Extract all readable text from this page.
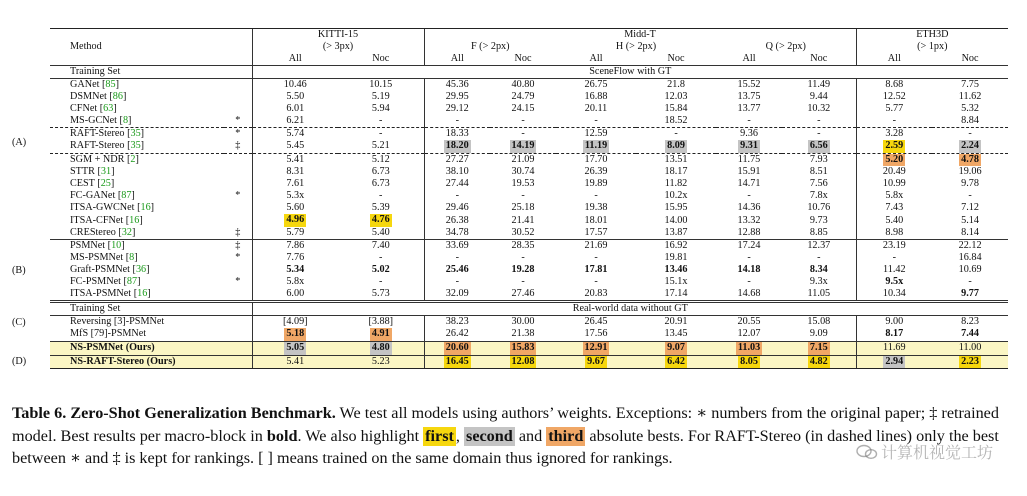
		KITTI-15		Midd-T						ETH3D	
Method		(> 3px)		F (> 2px)		H (> 2px)		Q (> 2px)		(> 1px)	
		All	Noc	All	Noc	All	Noc	All	Noc	All	Noc
Training Set		SceneFlow with GT									

(A)
GANet [85]		10.46	10.15	45.36	40.80	26.75	21.8	15.52	11.49	8.68	7.75
DSMNet [86]		5.50	5.19	29.95	24.79	16.88	12.03	13.75	9.44	12.52	11.62
CFNet [63]		6.01	5.94	29.12	24.15	20.11	15.84	13.77	10.32	5.77	5.32
MS-GCNet [8]	*	6.21	-	-	-	-	18.52	-	-	-	8.84
RAFT-Stereo [35]	*	5.74	-	18.33	-	12.59	-	9.36	-	3.28	-
RAFT-Stereo [35]	‡	5.45	5.21	18.20	14.19	11.19	8.09	9.31	6.56	2.59	2.24
SGM + NDR [2]		5.41	5.12	27.27	21.09	17.70	13.51	11.75	7.93	5.20	4.78
STTR [31]		8.31	6.73	38.10	30.74	26.39	18.17	15.91	8.51	20.49	19.06
CEST [25]		7.61	6.73	27.44	19.53	19.89	11.82	14.71	7.56	10.99	9.78
FC-GANet [87]	*	5.3x	-	-	-	-	10.2x	-	7.8x	5.8x	-
ITSA-GWCNet [16]		5.60	5.39	29.46	25.18	19.38	15.95	14.36	10.76	7.43	7.12
ITSA-CFNet [16]		4.96	4.76	26.38	21.41	18.01	14.00	13.32	9.73	5.40	5.14
CREStereo [32]	‡	5.79	5.40	34.78	30.52	17.57	13.87	12.88	8.85	8.98	8.14

(B)
PSMNet [10]	‡	7.86	7.40	33.69	28.35	21.69	16.92	17.24	12.37	23.19	22.12
MS-PSMNet [8]	*	7.76	-	-	-	-	19.81	-	-	-	16.84
Graft-PSMNet [36]		5.34	5.02	25.46	19.28	17.81	13.46	14.18	8.34	11.42	10.69
FC-PSMNet [87]	*	5.8x	-	-	-	-	15.1x	-	9.3x	9.5x	-
ITSA-PSMNet [16]		6.00	5.73	32.09	27.46	20.83	17.14	14.68	11.05	10.34	9.77
Training Set		Real-world data without GT									

(C) Reversing [3]-PSMNet		[4.09]	[3.88]	38.23	30.00	26.45	20.91	20.55	15.08	9.00	8.23
MfS [79]-PSMNet		5.18	4.91	26.42	21.38	17.56	13.45	12.07	9.09	8.17	7.44
NS-PSMNet (Ours)		5.05	4.80	20.60	15.83	12.91	9.07	11.03	7.15	11.69	11.00

(D) NS-RAFT-Stereo (Ours)		5.41	5.23	16.45	12.08	9.67	6.42	8.05	4.82	2.94	2.23
Table 6. Zero-Shot Generalization Benchmark. We test all models using authors’ weights. Exceptions: ∗ numbers from the original paper; ‡ retrained model. Best results per macro-block in bold. We also highlight first , second and third absolute bests. For RAFT-Stereo (in dashed lines) only the best between ∗ and ‡ is kept for rankings. [ ] means trained on the same domain thus ignored for rankings.	计算机视觉工坊
